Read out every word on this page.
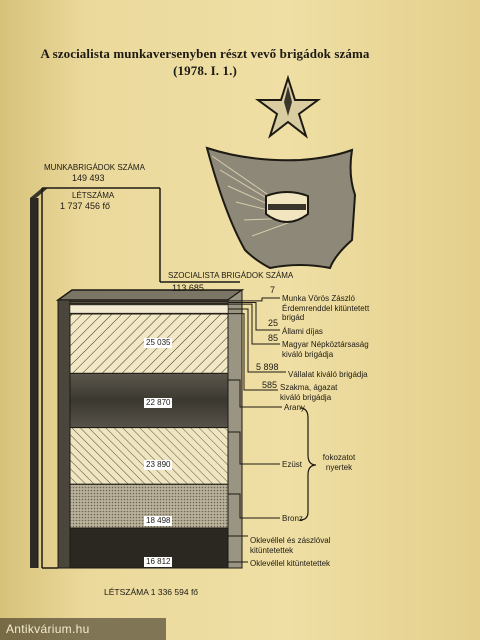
A szocialista munkaversenyben részt vevő brigádok száma
(1978. I. 1.)
MUNKABRIGÁDOK SZÁMA
149 493
LÉTSZÁMA
1 737 456 fő
SZOCIALISTA BRIGÁDOK SZÁMA
113 685
LÉTSZÁMA 1 336 594 fő
25 035
22 870
23 890
18 498
16 812
7
Munka Vörös Zászló Érdemrenddel kitüntetett brigád
25
Állami díjas
85
Magyar Népköztársaság kiváló brigádja
5 898
Vállalat kiváló brigádja
585 Szakma, ágazat kiváló brigádja
Arany
Ezüst
Bronz
fokozatot nyertek
Oklevéllel és zászlóval kitüntetettek
Oklevéllel kitüntetettek
Antikvárium.hu
